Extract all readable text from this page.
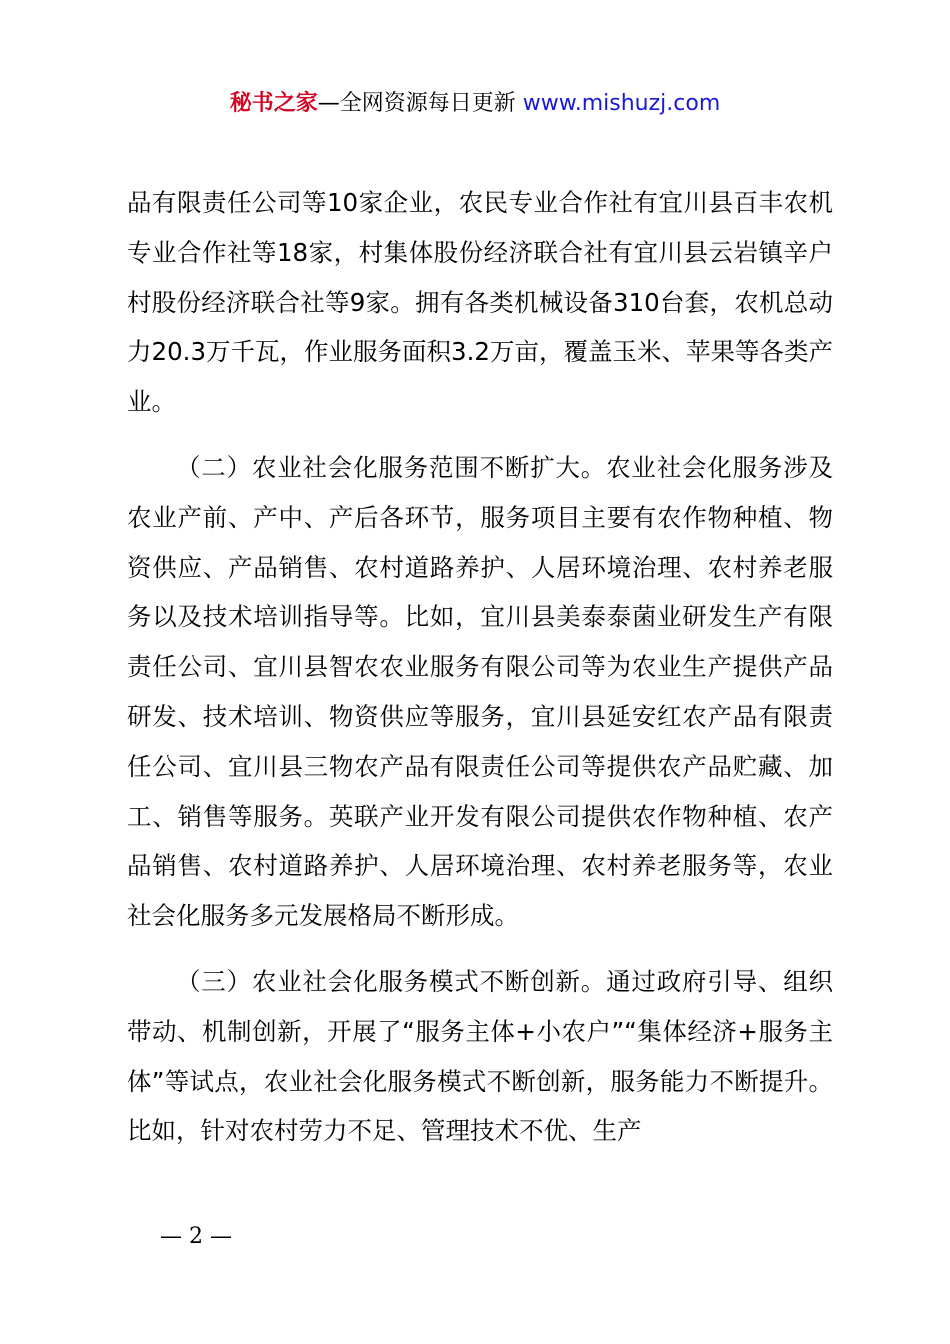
秘书之家—全网资源每日更新 www.mishuzj.com

品有限责任公司等10家企业，农民专业合作社有宜川县百丰农机专业合作社等18家，村集体股份经济联合社有宜川县云岩镇辛户村股份经济联合社等9家。拥有各类机械设备310台套，农机总动力20.3万千瓦，作业服务面积3.2万亩，覆盖玉米、苹果等各类产业。

（二）农业社会化服务范围不断扩大。农业社会化服务涉及农业产前、产中、产后各环节，服务项目主要有农作物种植、物资供应、产品销售、农村道路养护、人居环境治理、农村养老服务以及技术培训指导等。比如，宜川县美泰泰菌业研发生产有限责任公司、宜川县智农农业服务有限公司等为农业生产提供产品研发、技术培训、物资供应等服务，宜川县延安红农产品有限责任公司、宜川县三物农产品有限责任公司等提供农产品贮藏、加工、销售等服务。英联产业开发有限公司提供农作物种植、农产品销售、农村道路养护、人居环境治理、农村养老服务等，农业社会化服务多元发展格局不断形成。

（三）农业社会化服务模式不断创新。通过政府引导、组织带动、机制创新，开展了“服务主体+小农户”“集体经济+服务主体”等试点，农业社会化服务模式不断创新，服务能力不断提升。比如，针对农村劳力不足、管理技术不优、生产

— 2 —
